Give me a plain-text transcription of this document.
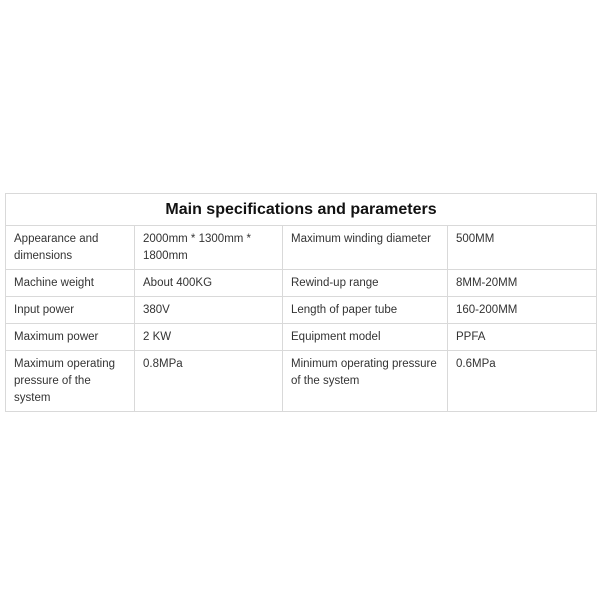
Main specifications and parameters			
Appearance and dimensions	2000mm * 1300mm * 1800mm	Maximum winding diameter	500MM
Machine weight	About 400KG	Rewind-up range	8MM-20MM
Input power	380V	Length of paper tube	160-200MM
Maximum power	2 KW	Equipment model	PPFA
Maximum operating pressure of the system	0.8MPa	Minimum operating pressure of the system	0.6MPa
